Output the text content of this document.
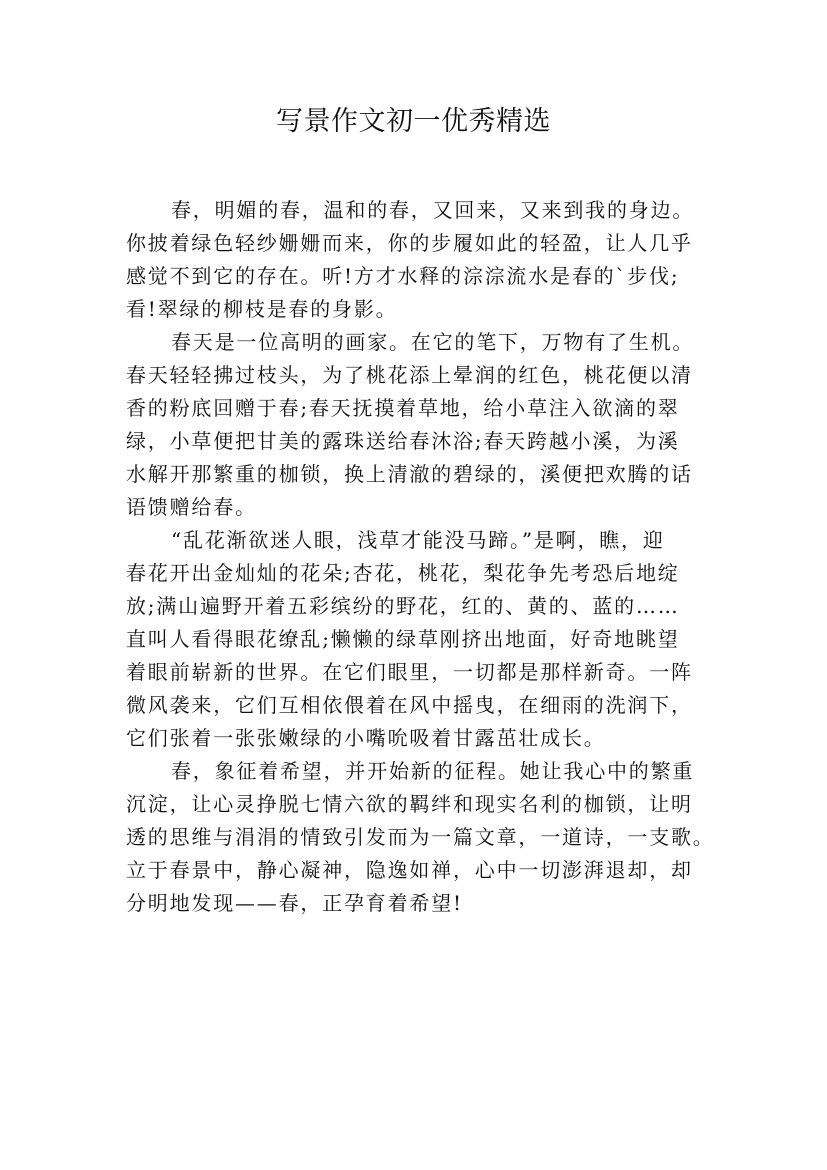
写景作文初一优秀精选

春，明媚的春，温和的春，又回来，又来到我的身边。
你披着绿色轻纱姗姗而来，你的步履如此的轻盈，让人几乎
感觉不到它的存在。听!方才水释的淙淙流水是春的`步伐;
看!翠绿的柳枝是春的身影。

春天是一位高明的画家。在它的笔下，万物有了生机。
春天轻轻拂过枝头，为了桃花添上晕润的红色，桃花便以清
香的粉底回赠于春;春天抚摸着草地，给小草注入欲滴的翠
绿，小草便把甘美的露珠送给春沐浴;春天跨越小溪，为溪
水解开那繁重的枷锁，换上清澈的碧绿的，溪便把欢腾的话
语馈赠给春。

“乱花渐欲迷人眼，浅草才能没马蹄。”是啊，瞧，迎
春花开出金灿灿的花朵;杏花，桃花，梨花争先考恐后地绽
放;满山遍野开着五彩缤纷的野花，红的、黄的、蓝的……
直叫人看得眼花缭乱;懒懒的绿草刚挤出地面，好奇地眺望
着眼前崭新的世界。在它们眼里，一切都是那样新奇。一阵
微风袭来，它们互相依偎着在风中摇曳，在细雨的洗润下，
它们张着一张张嫩绿的小嘴吮吸着甘露茁壮成长。

春，象征着希望，并开始新的征程。她让我心中的繁重
沉淀，让心灵挣脱七情六欲的羁绊和现实名利的枷锁，让明
透的思维与涓涓的情致引发而为一篇文章，一道诗，一支歌。
立于春景中，静心凝神，隐逸如禅，心中一切澎湃退却，却
分明地发现——春，正孕育着希望!
